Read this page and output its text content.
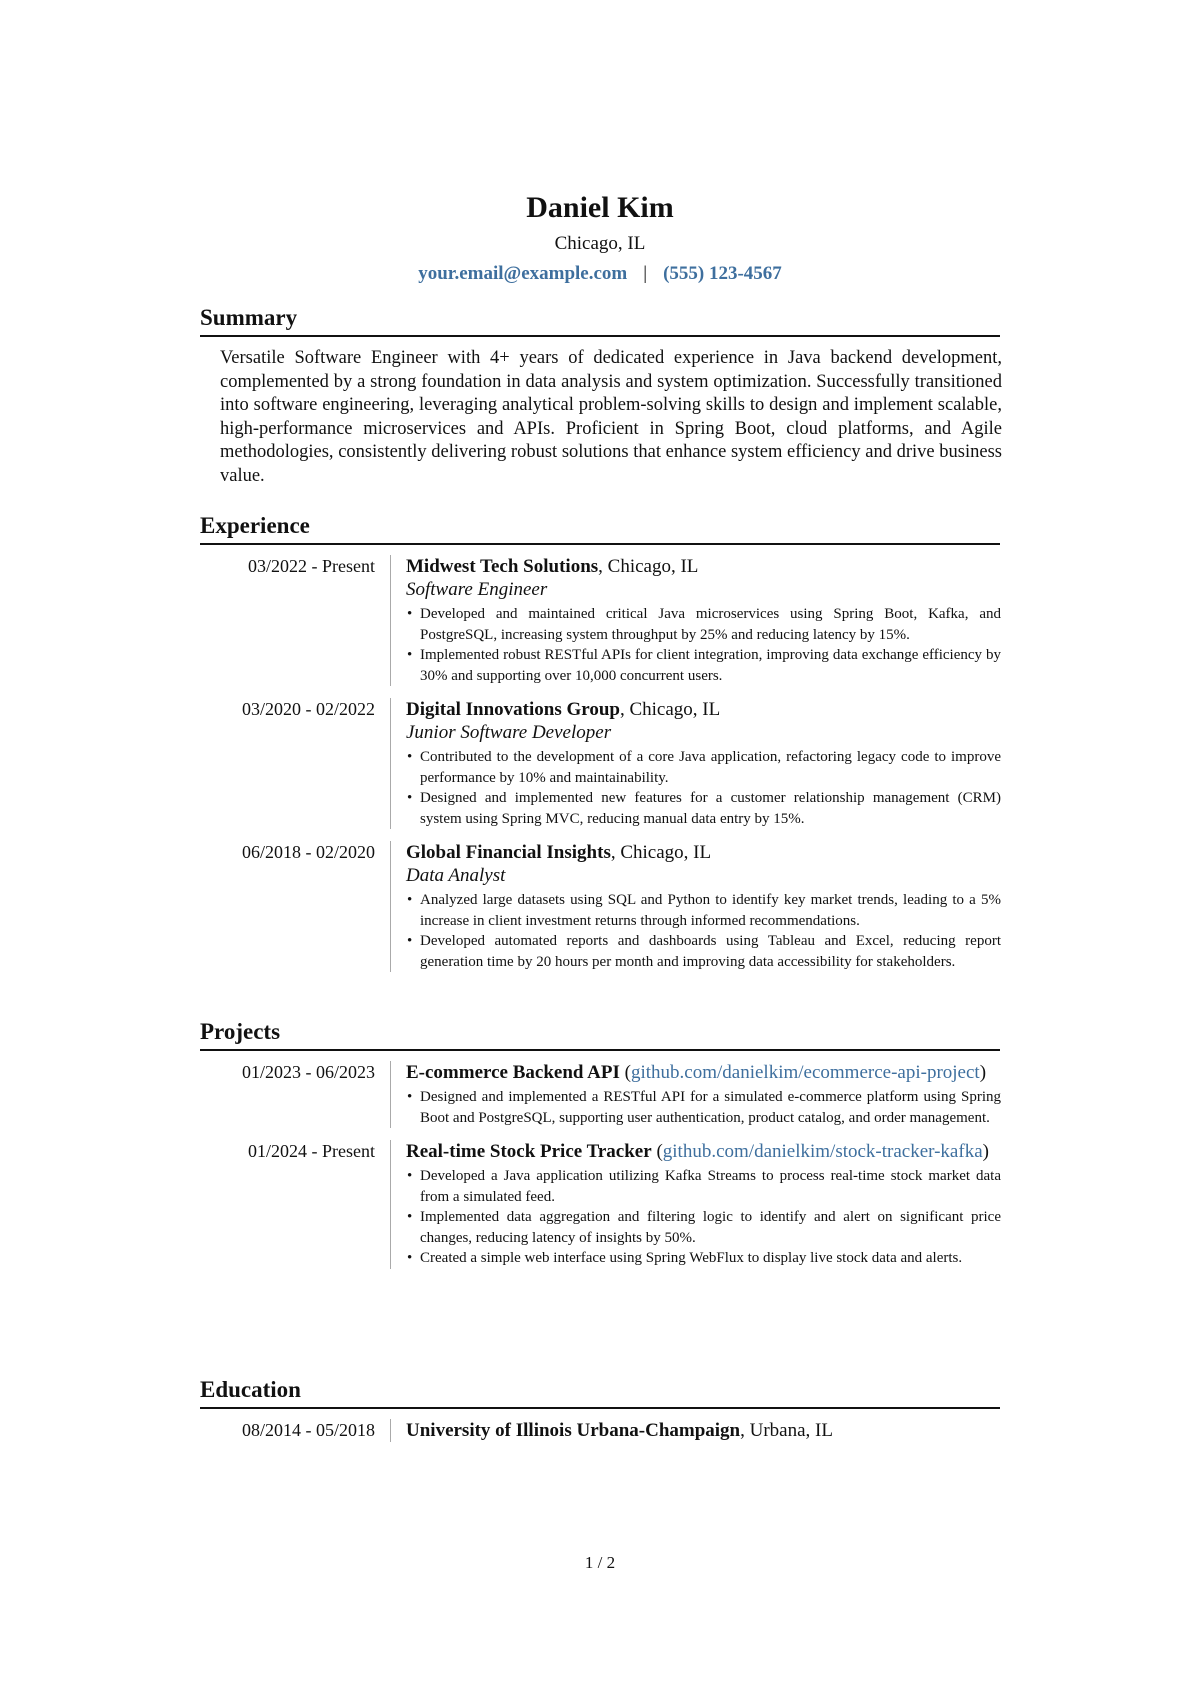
Daniel Kim
Chicago, IL
your.email@example.com | (555) 123-4567
Summary
Versatile Software Engineer with 4+ years of dedicated experience in Java backend development, complemented by a strong foundation in data analysis and system optimization. Successfully transitioned into software engineering, leveraging analytical problem-solving skills to design and implement scalable, high-performance microservices and APIs. Proficient in Spring Boot, cloud platforms, and Agile methodologies, consistently delivering robust solutions that enhance system efficiency and drive business value.
Experience
03/2022 - Present	Midwest Tech Solutions, Chicago, IL
Software Engineer
• Developed and maintained critical Java microservices using Spring Boot, Kafka, and PostgreSQL, increasing system throughput by 25% and reducing latency by 15%.
• Implemented robust RESTful APIs for client integration, improving data exchange efficiency by 30% and supporting over 10,000 concurrent users.
03/2020 - 02/2022	Digital Innovations Group, Chicago, IL
Junior Software Developer
• Contributed to the development of a core Java application, refactoring legacy code to improve performance by 10% and maintainability.
• Designed and implemented new features for a customer relationship management (CRM) system using Spring MVC, reducing manual data entry by 15%.
06/2018 - 02/2020	Global Financial Insights, Chicago, IL
Data Analyst
• Analyzed large datasets using SQL and Python to identify key market trends, leading to a 5% increase in client investment returns through informed recommendations.
• Developed automated reports and dashboards using Tableau and Excel, reducing report generation time by 20 hours per month and improving data accessibility for stakeholders.
Projects
01/2023 - 06/2023	E-commerce Backend API (github.com/danielkim/ecommerce-api-project)
• Designed and implemented a RESTful API for a simulated e-commerce platform using Spring Boot and PostgreSQL, supporting user authentication, product catalog, and order management.
01/2024 - Present	Real-time Stock Price Tracker (github.com/danielkim/stock-tracker-kafka)
• Developed a Java application utilizing Kafka Streams to process real-time stock market data from a simulated feed.
• Implemented data aggregation and filtering logic to identify and alert on significant price changes, reducing latency of insights by 50%.
• Created a simple web interface using Spring WebFlux to display live stock data and alerts.
Education
08/2014 - 05/2018	University of Illinois Urbana-Champaign, Urbana, IL
1 / 2
